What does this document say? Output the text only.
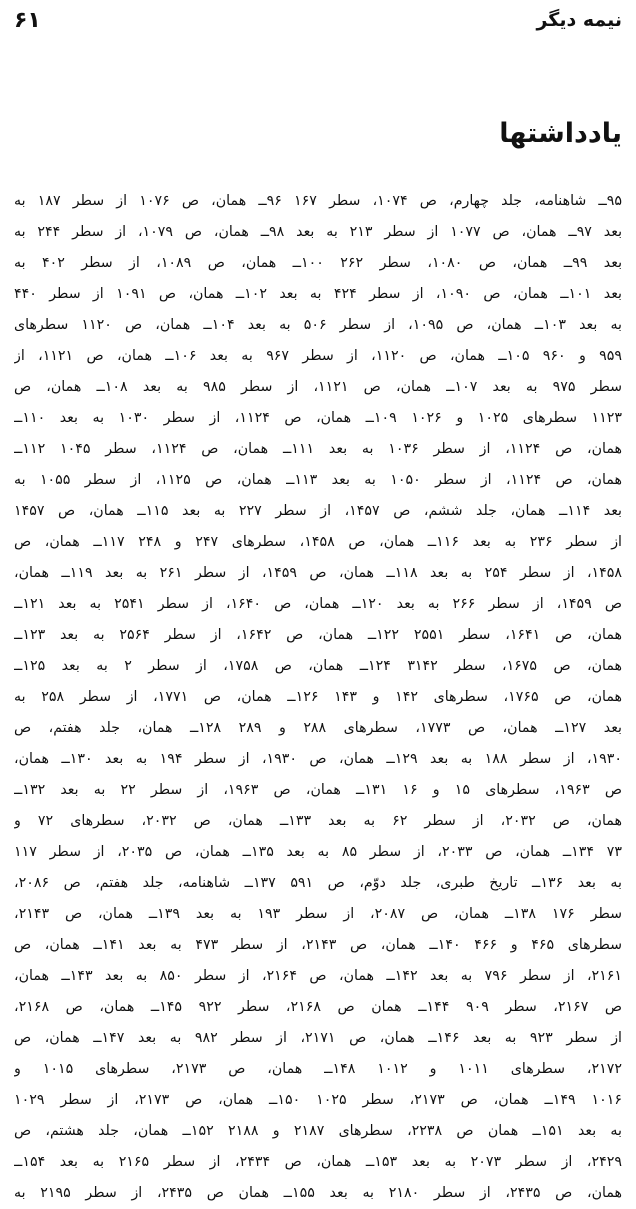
۶۱	نیمه دیگر
یادداشتها
۹۵ــ شاهنامه، جلد چهارم، ص ۱۰۷۴، سطر ۱۶۷ ۹۶ــ همان، ص ۱۰۷۶ از سطر ۱۸۷ به
بعد ۹۷ــ همان، ص ۱۰۷۷ از سطر ۲۱۳ به بعد ۹۸ــ همان، ص ۱۰۷۹، از سطر ۲۴۴ به
بعد ۹۹ــ همان، ص ۱۰۸۰، سطر ۲۶۲ ۱۰۰ــ همان، ص ۱۰۸۹، از سطر ۴۰۲ به
بعد ۱۰۱ــ همان، ص ۱۰۹۰، از سطر ۴۲۴ به بعد ۱۰۲ــ همان، ص ۱۰۹۱ از سطر ۴۴۰
به بعد ۱۰۳ــ همان، ص ۱۰۹۵، از سطر ۵۰۶ به بعد ۱۰۴ــ همان، ص ۱۱۲۰ سطرهای
۹۵۹ و ۹۶۰ ۱۰۵ــ همان، ص ۱۱۲۰، از سطر ۹۶۷ به بعد ۱۰۶ــ همان، ص ۱۱۲۱، از
سطر ۹۷۵ به بعد ۱۰۷ــ همان، ص ۱۱۲۱، از سطر ۹۸۵ به بعد ۱۰۸ــ همان، ص
۱۱۲۳ سطرهای ۱۰۲۵ و ۱۰۲۶ ۱۰۹ــ همان، ص ۱۱۲۴، از سطر ۱۰۳۰ به بعد ۱۱۰ــ
همان، ص ۱۱۲۴، از سطر ۱۰۳۶ به بعد ۱۱۱ــ همان، ص ۱۱۲۴، سطر ۱۰۴۵ ۱۱۲ــ
همان، ص ۱۱۲۴، از سطر ۱۰۵۰ به بعد ۱۱۳ــ همان، ص ۱۱۲۵، از سطر ۱۰۵۵ به
بعد ۱۱۴ــ همان، جلد ششم، ص ۱۴۵۷، از سطر ۲۲۷ به بعد ۱۱۵ــ همان، ص ۱۴۵۷
از سطر ۲۳۶ به بعد ۱۱۶ــ همان، ص ۱۴۵۸، سطرهای ۲۴۷ و ۲۴۸ ۱۱۷ــ همان، ص
۱۴۵۸، از سطر ۲۵۴ به بعد ۱۱۸ــ همان، ص ۱۴۵۹، از سطر ۲۶۱ به بعد ۱۱۹ــ همان،
ص ۱۴۵۹، از سطر ۲۶۶ به بعد ۱۲۰ــ همان، ص ۱۶۴۰، از سطر ۲۵۴۱ به بعد ۱۲۱ــ
همان، ص ۱۶۴۱، سطر ۲۵۵۱ ۱۲۲ــ همان، ص ۱۶۴۲، از سطر ۲۵۶۴ به بعد ۱۲۳ــ
همان، ص ۱۶۷۵، سطر ۳۱۴۲ ۱۲۴ــ همان، ص ۱۷۵۸، از سطر ۲ به بعد ۱۲۵ــ
همان، ص ۱۷۶۵، سطرهای ۱۴۲ و ۱۴۳ ۱۲۶ــ همان، ص ۱۷۷۱، از سطر ۲۵۸ به
بعد ۱۲۷ــ همان، ص ۱۷۷۳، سطرهای ۲۸۸ و ۲۸۹ ۱۲۸ــ همان، جلد هفتم، ص
۱۹۳۰، از سطر ۱۸۸ به بعد ۱۲۹ــ همان، ص ۱۹۳۰، از سطر ۱۹۴ به بعد ۱۳۰ــ همان،
ص ۱۹۶۳، سطرهای ۱۵ و ۱۶ ۱۳۱ــ همان، ص ۱۹۶۳، از سطر ۲۲ به بعد ۱۳۲ــ
همان، ص ۲۰۳۲، از سطر ۶۲ به بعد ۱۳۳ــ همان، ص ۲۰۳۲، سطرهای ۷۲ و
۷۳ ۱۳۴ــ همان، ص ۲۰۳۳، از سطر ۸۵ به بعد ۱۳۵ــ همان، ص ۲۰۳۵، از سطر ۱۱۷
به بعد ۱۳۶ــ تاریخ طبری، جلد دوّم، ص ۵۹۱ ۱۳۷ــ شاهنامه، جلد هفتم، ص ۲۰۸۶،
سطر ۱۷۶ ۱۳۸ــ همان، ص ۲۰۸۷، از سطر ۱۹۳ به بعد ۱۳۹ــ همان، ص ۲۱۴۳،
سطرهای ۴۶۵ و ۴۶۶ ۱۴۰ــ همان، ص ۲۱۴۳، از سطر ۴۷۳ به بعد ۱۴۱ــ همان، ص
۲۱۶۱، از سطر ۷۹۶ به بعد ۱۴۲ــ همان، ص ۲۱۶۴، از سطر ۸۵۰ به بعد ۱۴۳ــ همان،
ص ۲۱۶۷، سطر ۹۰۹ ۱۴۴ــ همان ص ۲۱۶۸، سطر ۹۲۲ ۱۴۵ــ همان، ص ۲۱۶۸،
از سطر ۹۲۳ به بعد ۱۴۶ــ همان، ص ۲۱۷۱، از سطر ۹۸۲ به بعد ۱۴۷ــ همان، ص
۲۱۷۲، سطرهای ۱۰۱۱ و ۱۰۱۲ ۱۴۸ــ همان، ص ۲۱۷۳، سطرهای ۱۰۱۵ و
۱۰۱۶ ۱۴۹ــ همان، ص ۲۱۷۳، سطر ۱۰۲۵ ۱۵۰ــ همان، ص ۲۱۷۳، از سطر ۱۰۲۹
به بعد ۱۵۱ــ همان ص ۲۲۳۸، سطرهای ۲۱۸۷ و ۲۱۸۸ ۱۵۲ــ همان، جلد هشتم، ص
۲۴۲۹، از سطر ۲۰۷۳ به بعد ۱۵۳ــ همان، ص ۲۴۳۴، از سطر ۲۱۶۵ به بعد ۱۵۴ــ
همان، ص ۲۴۳۵، از سطر ۲۱۸۰ به بعد ۱۵۵ــ همان ص ۲۴۳۵، از سطر ۲۱۹۵ به
